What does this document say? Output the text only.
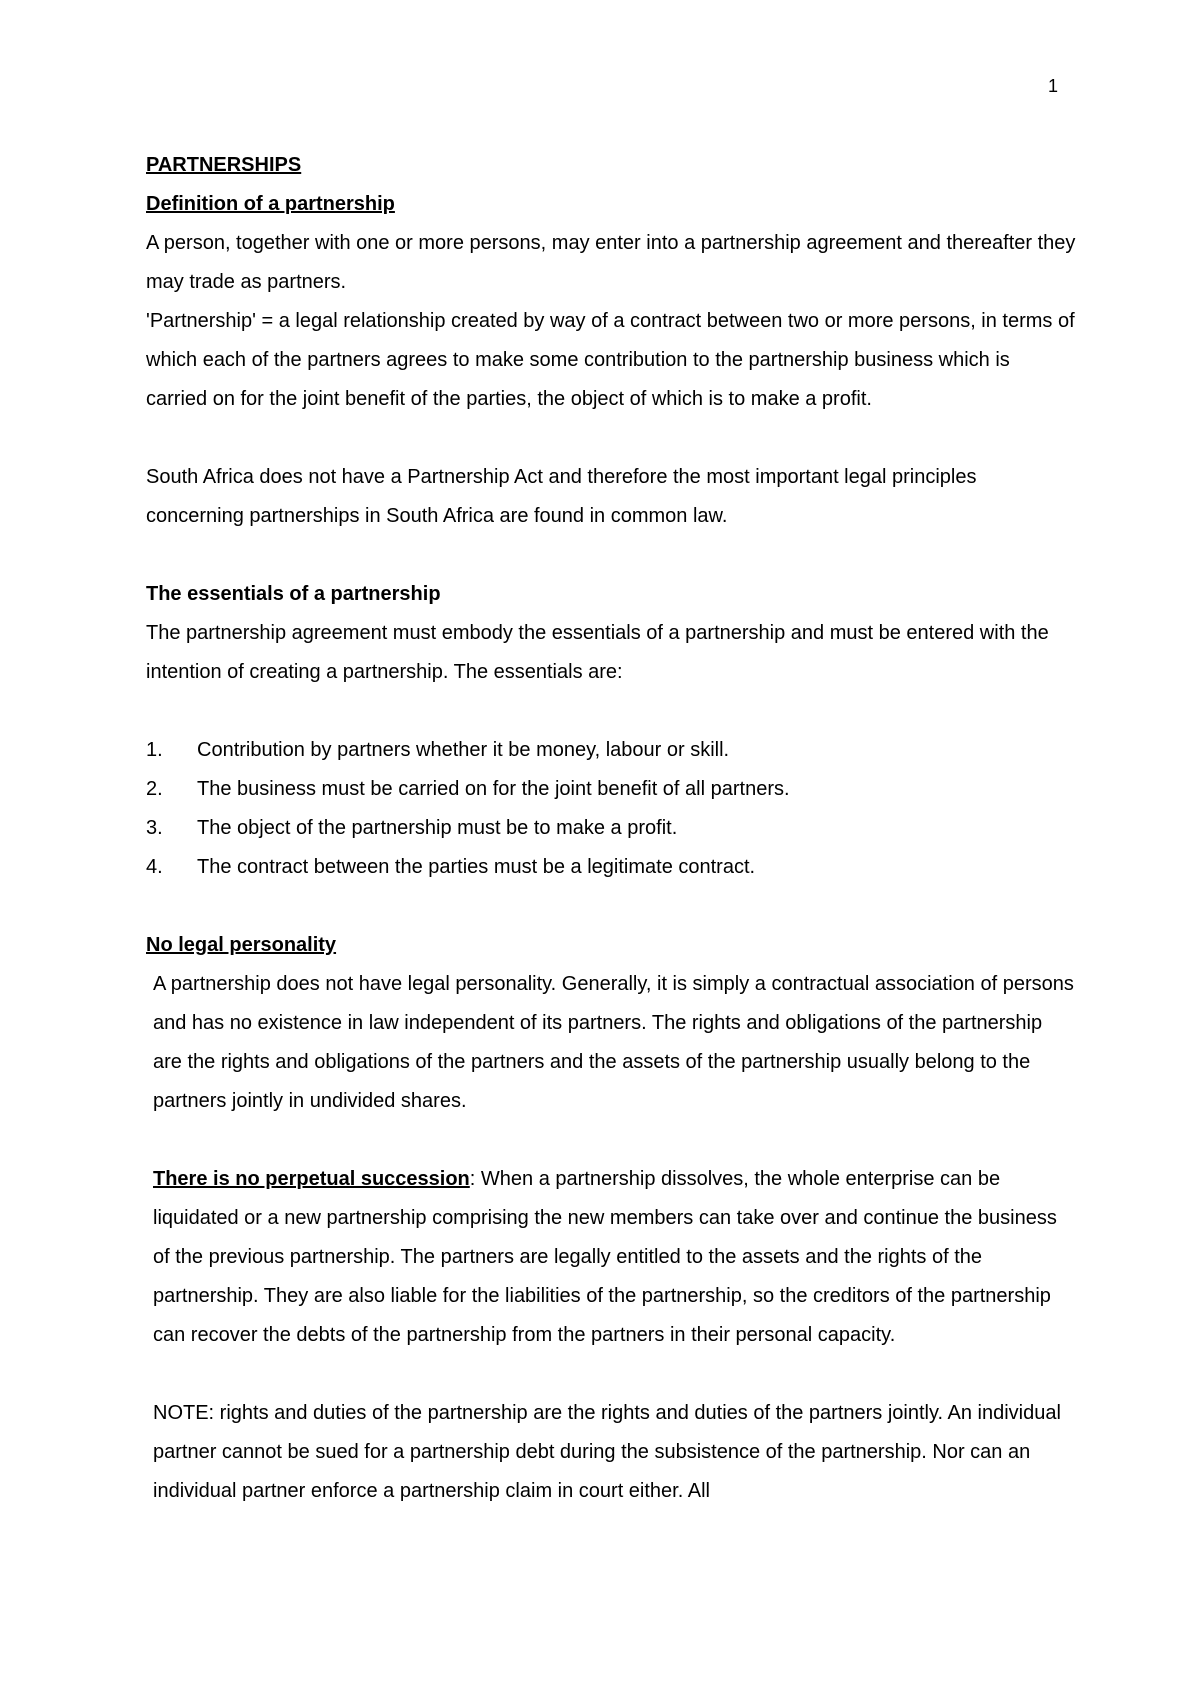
1

PARTNERSHIPS

Definition of a partnership

A person, together with one or more persons, may enter into a partnership agreement and thereafter they may trade as partners.

'Partnership' = a legal relationship created by way of a contract between two or more persons, in terms of which each of the partners agrees to make some contribution to the partnership business which is carried on for the joint benefit of the parties, the object of which is to make a profit.

South Africa does not have a Partnership Act and therefore the most important legal principles concerning partnerships in South Africa are found in common law.

The essentials of a partnership

The partnership agreement must embody the essentials of a partnership and must be entered with the intention of creating a partnership. The essentials are:

1.	Contribution by partners whether it be money, labour or skill.
2.	The business must be carried on for the joint benefit of all partners.
3.	The object of the partnership must be to make a profit.
4.	The contract between the parties must be a legitimate contract.

No legal personality

A partnership does not have legal personality. Generally, it is simply a contractual association of persons and has no existence in law independent of its partners. The rights and obligations of the partnership are the rights and obligations of the partners and the assets of the partnership usually belong to the partners jointly in undivided shares.

There is no perpetual succession: When a partnership dissolves, the whole enterprise can be liquidated or a new partnership comprising the new members can take over and continue the business of the previous partnership. The partners are legally entitled to the assets and the rights of the partnership. They are also liable for the liabilities of the partnership, so the creditors of the partnership can recover the debts of the partnership from the partners in their personal capacity.

NOTE: rights and duties of the partnership are the rights and duties of the partners jointly. An individual partner cannot be sued for a partnership debt during the subsistence of the partnership. Nor can an individual partner enforce a partnership claim in court either. All
